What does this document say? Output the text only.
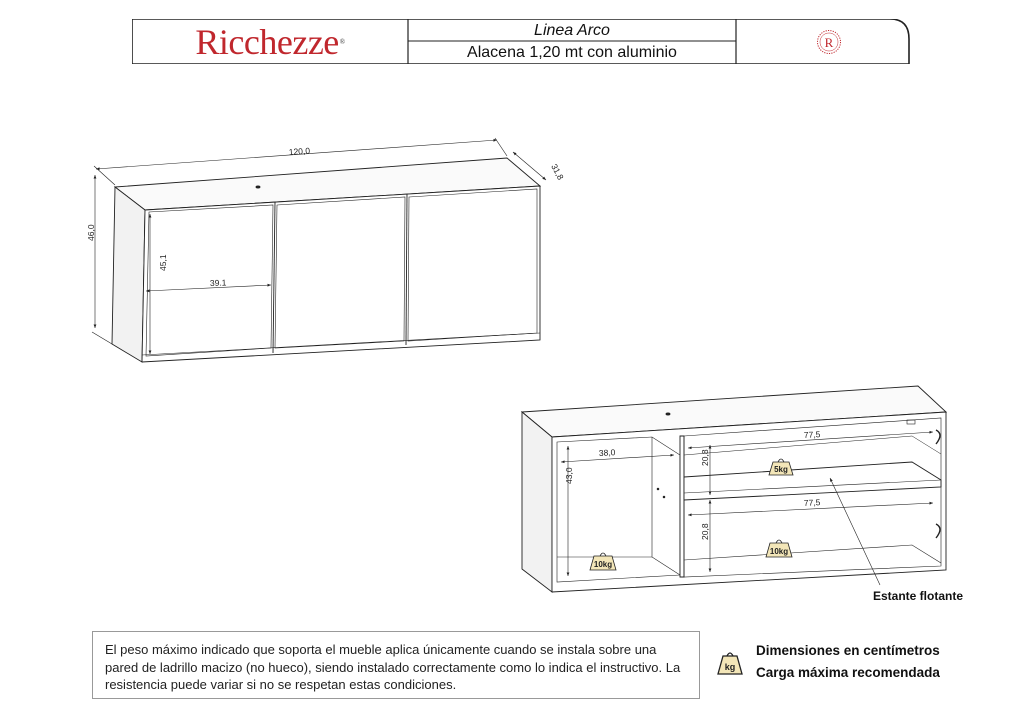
Ricchezze ®
Linea Arco
Alacena 1,20 mt con aluminio
R
120,0
31,8
46,0
45,1
39.1
38,0
43,0
77,5
20,8
77,5
20,8
10kg
5kg
10kg
Estante flotante
El peso máximo indicado que soporta el mueble aplica únicamente cuando se instala sobre una pared de ladrillo macizo (no hueco), siendo instalado correctamente como lo indica el instructivo. La resistencia puede variar si no se respetan estas condiciones.
kg
Dimensiones en centímetros
Carga máxima recomendada
